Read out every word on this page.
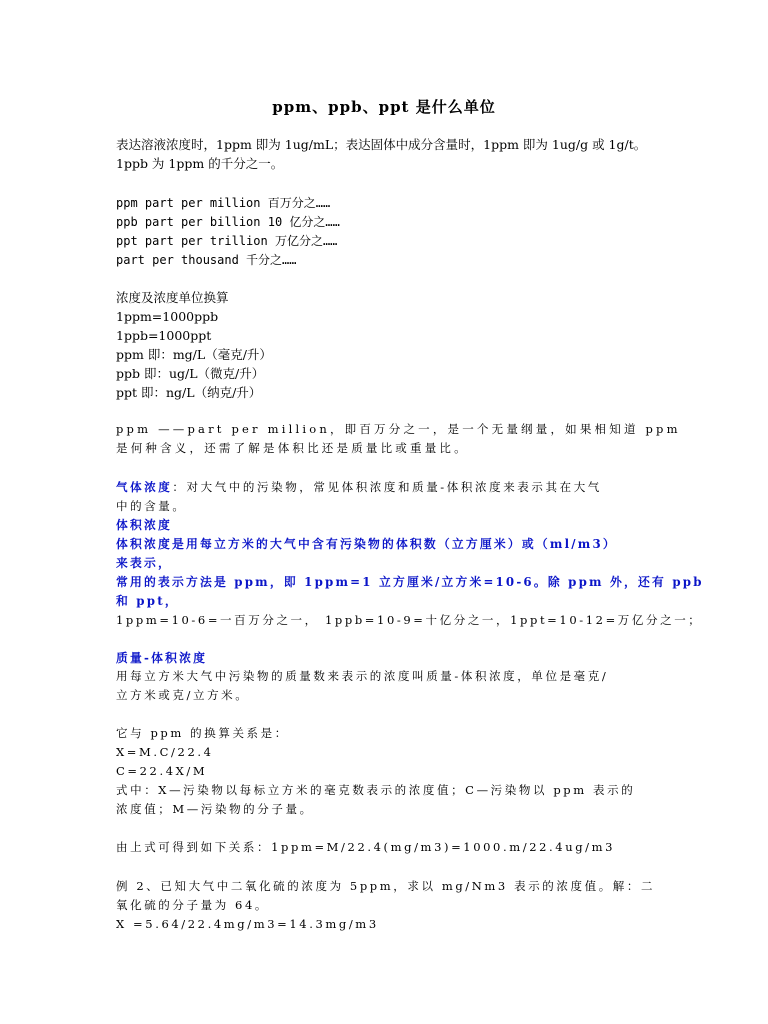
ppm、ppb、ppt 是什么单位
表达溶液浓度时，1ppm 即为 1ug/mL；表达固体中成分含量时，1ppm 即为 1ug/g 或 1g/t。
1ppb 为 1ppm 的千分之一。
ppm part per million 百万分之……
ppb part per billion 10 亿分之……
ppt part per trillion 万亿分之……
part per thousand 千分之……
浓度及浓度单位换算
1ppm=1000ppb
1ppb=1000ppt
ppm 即：mg/L（毫克/升）
ppb 即：ug/L（微克/升）
ppt 即：ng/L（纳克/升）
ppm ——part per million，即百万分之一，是一个无量纲量，如果相知道 ppm
是何种含义，还需了解是体积比还是质量比或重量比。
气体浓度：对大气中的污染物，常见体积浓度和质量-体积浓度来表示其在大气
中的含量。
体积浓度
体积浓度是用每立方米的大气中含有污染物的体积数（立方厘米）或（ml/m3）
来表示，
常用的表示方法是 ppm，即 1ppm=1 立方厘米/立方米=10-6。除 ppm 外，还有 ppb
和 ppt，
1ppm=10-6=一百万分之一， 1ppb=10-9=十亿分之一，1ppt=10-12=万亿分之一；
质量-体积浓度
用每立方米大气中污染物的质量数来表示的浓度叫质量-体积浓度，单位是毫克/
立方米或克/立方米。
它与 ppm 的换算关系是：
X=M.C/22.4
C=22.4X/M
式中：X—污染物以每标立方米的毫克数表示的浓度值；C—污染物以 ppm 表示的
浓度值；M—污染物的分子量。
由上式可得到如下关系：1ppm=M/22.4(mg/m3)=1000.m/22.4ug/m3
例 2、已知大气中二氧化硫的浓度为 5ppm，求以 mg/Nm3 表示的浓度值。解：二
氧化硫的分子量为 64。
X =5.64/22.4mg/m3=14.3mg/m3
